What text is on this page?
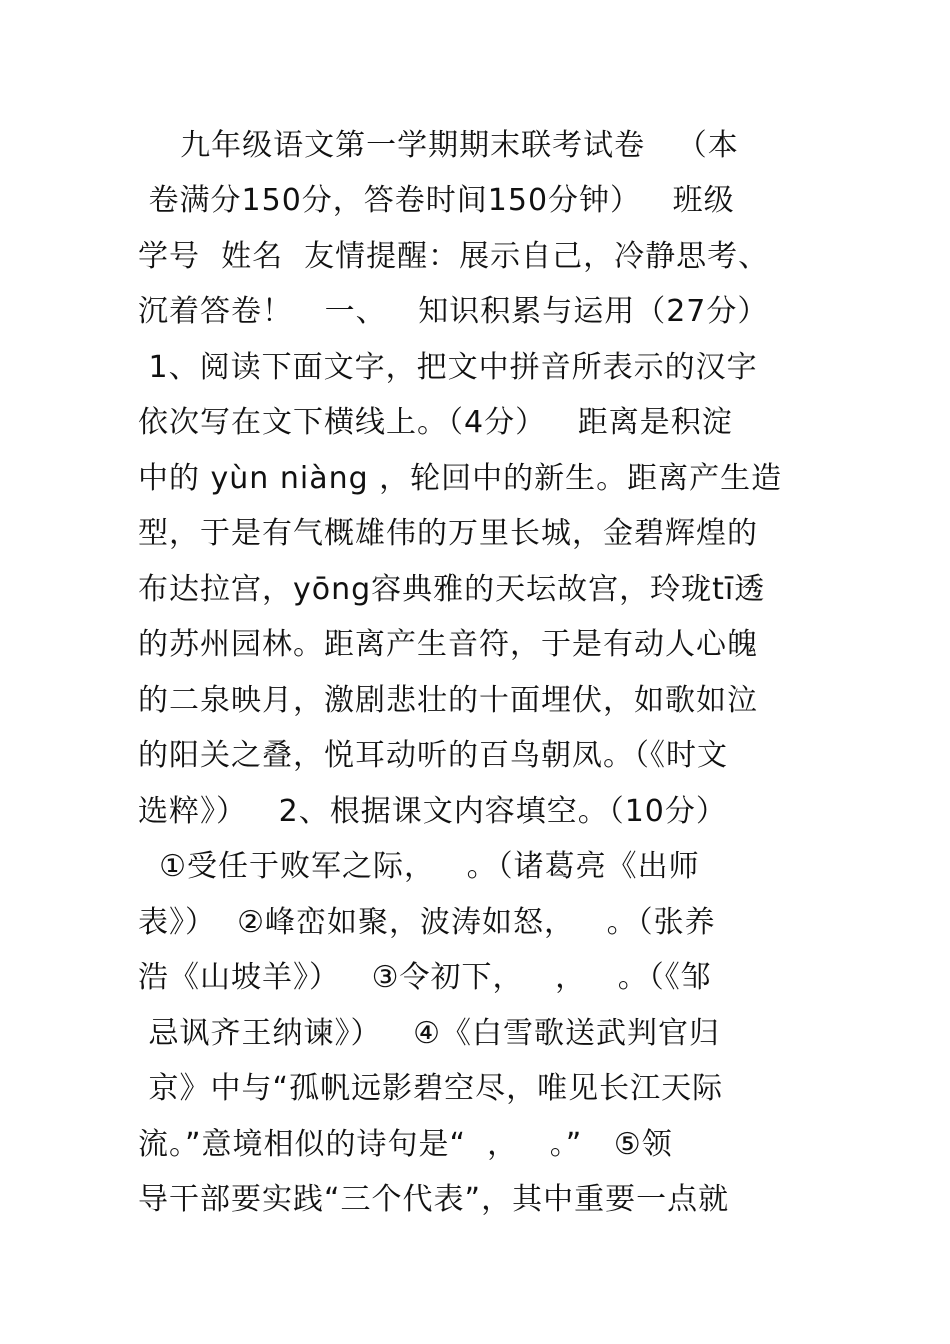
九年级语文第一学期期末联考试卷   （本
卷满分150分，答卷时间150分钟）   班级
学号  姓名  友情提醒：展示自己，冷静思考、
沉着答卷！   一、   知识积累与运用（27分）
1、阅读下面文字，把文中拼音所表示的汉字
依次写在文下横线上。（4分）   距离是积淀
中的 yùn niàng ，轮回中的新生。距离产生造
型，于是有气概雄伟的万里长城，金碧辉煌的
布达拉宫，yōng容典雅的天坛故宫，玲珑tī透
的苏州园林。距离产生音符，于是有动人心魄
的二泉映月，激剧悲壮的十面埋伏，如歌如泣
的阳关之叠，悦耳动听的百鸟朝凤。（《时文
选粹》）   2、根据课文内容填空。（10分）
①受任于败军之际，   。（诸葛亮《出师
表》）  ②峰峦如聚，波涛如怒，   。（张养
浩《山坡羊》）   ③令初下，   ，   。（《邹
忌讽齐王纳谏》）   ④《白雪歌送武判官归
京》中与“孤帆远影碧空尽，唯见长江天际
流。”意境相似的诗句是“  ，   。”   ⑤领
导干部要实践“三个代表”，其中重要一点就
